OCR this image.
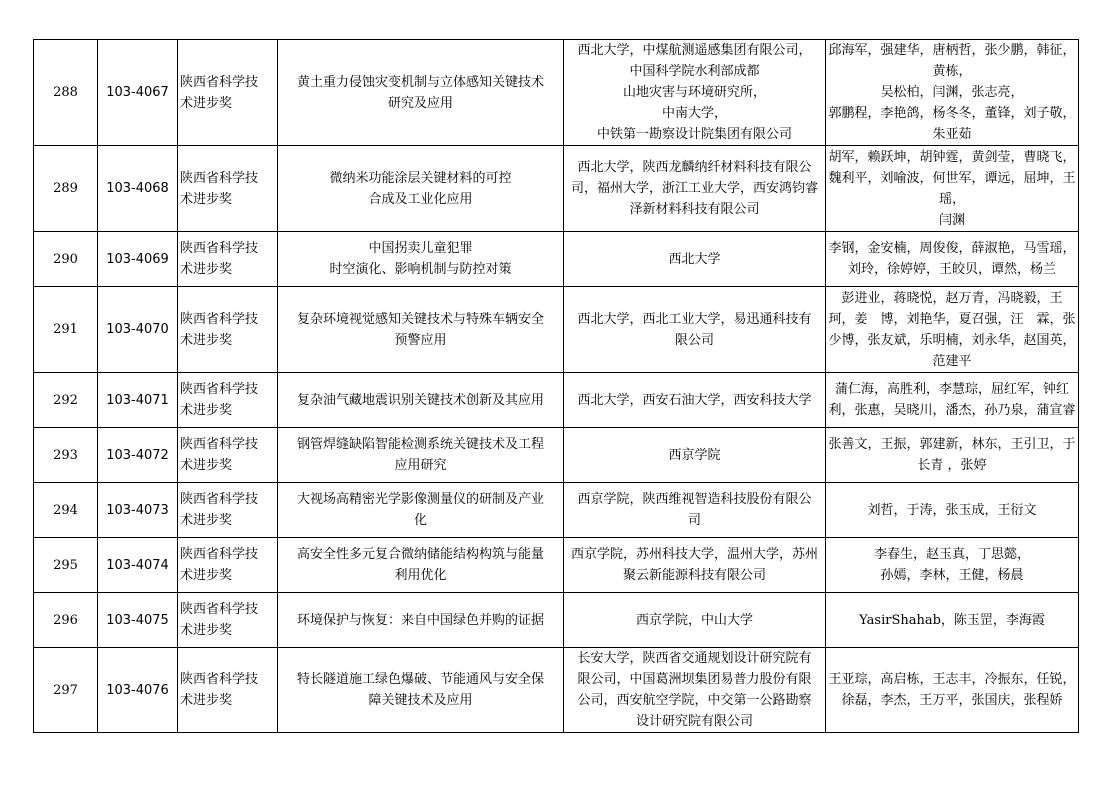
288	103-4067	陕西省科学技
术进步奖	黄土重力侵蚀灾变机制与立体感知关键技术
研究及应用	西北大学，中煤航测遥感集团有限公司，
中国科学院水利部成都
山地灾害与环境研究所，
中南大学，
中铁第一勘察设计院集团有限公司	邱海军，强建华，唐柄哲，张少鹏，韩征，
黄栋，
吴松柏，闫渊，张志亮，
郭鹏程，李艳鸽，杨冬冬，董锋，刘子敬，
朱亚茹

289	103-4068	陕西省科学技
术进步奖	微纳米功能涂层关键材料的可控
合成及工业化应用	西北大学，陕西龙麟纳纤材料科技有限公
司，福州大学，浙江工业大学，西安鸿钧睿
泽新材料科技有限公司	胡军，赖跃坤，胡钟霆，黄剑莹，曹晓飞，
魏利平，刘喻波，何世军，谭远，屈坤，王
瑶，
闫渊

290	103-4069	陕西省科学技
术进步奖	中国拐卖儿童犯罪
时空演化、影响机制与防控对策	西北大学	李钢，金安楠，周俊俊，薛淑艳，马雪瑶，
刘玲，徐婷婷，王皎贝，谭然，杨兰

291	103-4070	陕西省科学技
术进步奖	复杂环境视觉感知关键技术与特殊车辆安全
预警应用	西北大学，西北工业大学，易迅通科技有
限公司	彭进业，蒋晓悦，赵万青，冯晓毅，王
珂，姜　博，刘艳华，夏召强，汪　霖，张
少博，张友斌，乐明楠，刘永华，赵国英，
范建平

292	103-4071	陕西省科学技
术进步奖	复杂油气藏地震识别关键技术创新及其应用	西北大学，西安石油大学，西安科技大学	蒲仁海，高胜利，李慧琮，屈红军，钟红
利，张惠，吴晓川，潘杰，孙乃泉，蒲宣睿

293	103-4072	陕西省科学技
术进步奖	钢管焊缝缺陷智能检测系统关键技术及工程
应用研究	西京学院	张善文，王振，郭建新，林东，王引卫，于
长青 ，张婷

294	103-4073	陕西省科学技
术进步奖	大视场高精密光学影像测量仪的研制及产业
化	西京学院，陕西维视智造科技股份有限公
司	刘哲，于涛，张玉成，王衍文

295	103-4074	陕西省科学技
术进步奖	高安全性多元复合微纳储能结构构筑与能量
利用优化	西京学院，苏州科技大学，温州大学，苏州
聚云新能源科技有限公司	李春生，赵玉真，丁思懿，
孙嫣，李林，王健，杨晨

296	103-4075	陕西省科学技
术进步奖	环境保护与恢复：来自中国绿色并购的证据	西京学院，中山大学	YasirShahab，陈玉罡，李海霞

297	103-4076	陕西省科学技
术进步奖	特长隧道施工绿色爆破、节能通风与安全保
障关键技术及应用	长安大学，陕西省交通规划设计研究院有
限公司，中国葛洲坝集团易普力股份有限
公司，西安航空学院，中交第一公路勘察
设计研究院有限公司	王亚琮，高启栋，王志丰，冷振东，任锐，
徐磊，李杰，王万平，张国庆，张程娇
